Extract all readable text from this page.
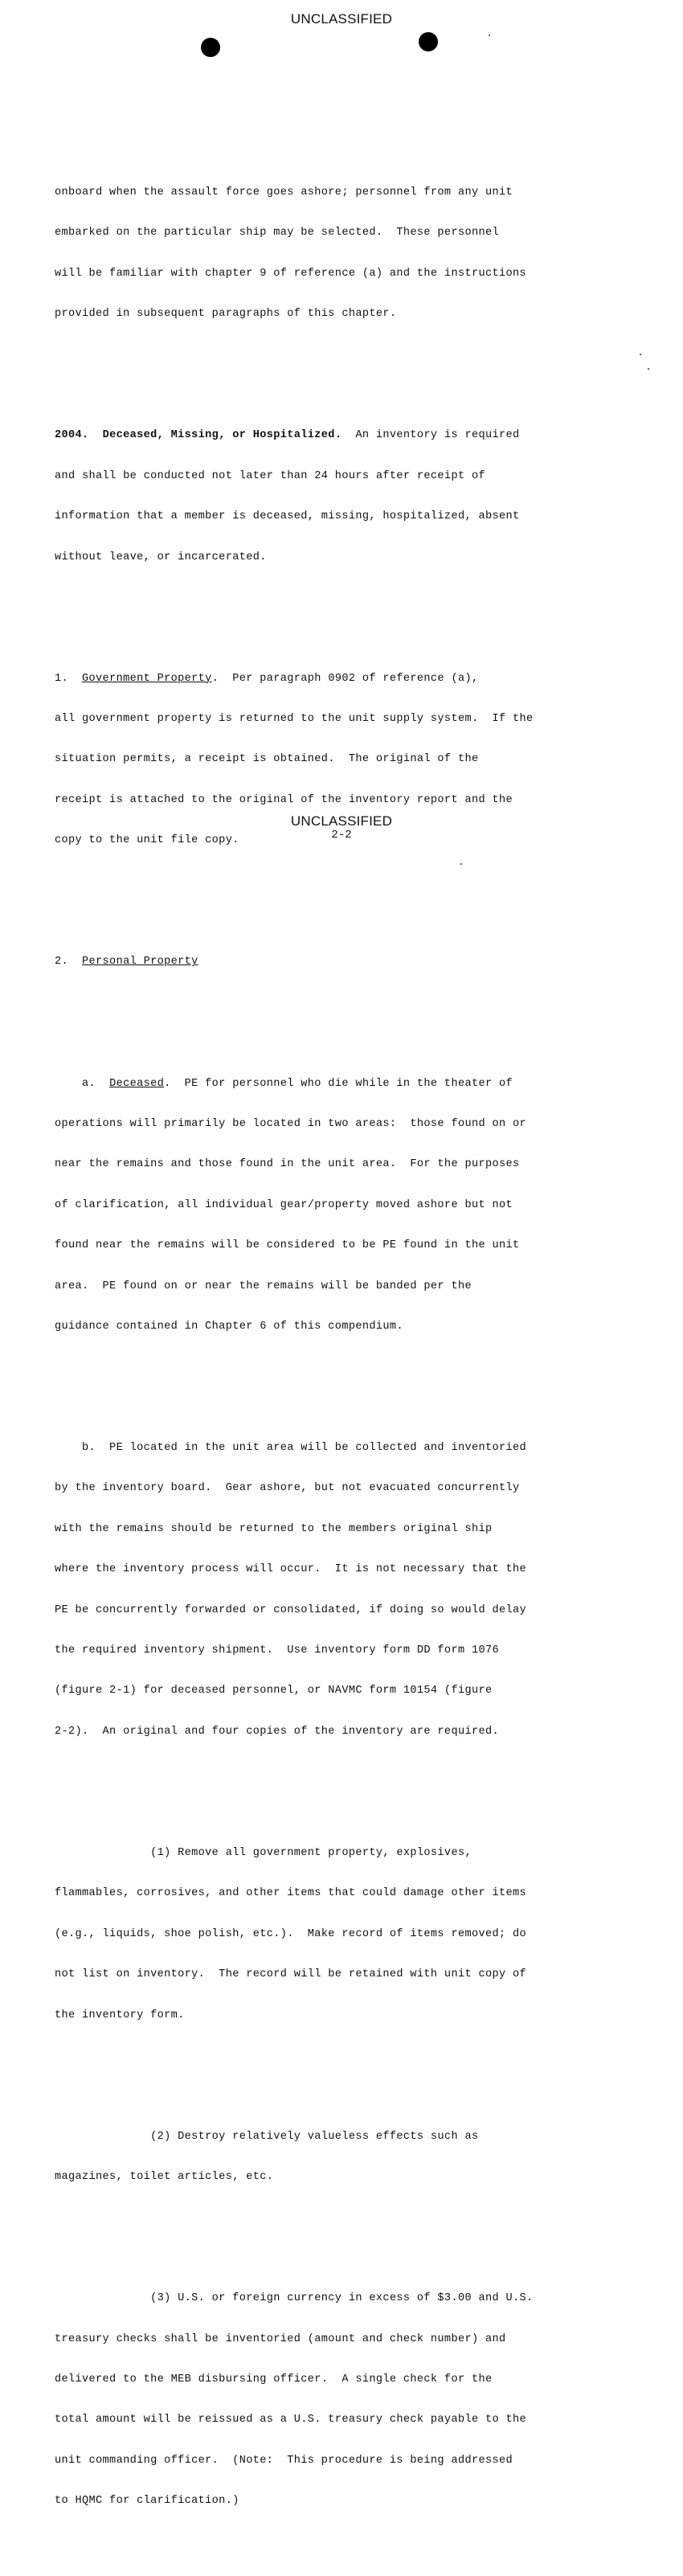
UNCLASSIFIED

onboard when the assault force goes ashore; personnel from any unit

embarked on the particular ship may be selected.  These personnel

will be familiar with chapter 9 of reference (a) and the instructions

provided in subsequent paragraphs of this chapter.

2004. Deceased, Missing, or Hospitalized.  An inventory is required

and shall be conducted not later than 24 hours after receipt of

information that a member is deceased, missing, hospitalized, absent

without leave, or incarcerated.

1.  Government Property.  Per paragraph 0902 of reference (a),

all government property is returned to the unit supply system.  If the

situation permits, a receipt is obtained.  The original of the

receipt is attached to the original of the inventory report and the

copy to the unit file copy.

2.  Personal Property

a.  Deceased.  PE for personnel who die while in the theater of

operations will primarily be located in two areas:  those found on or

near the remains and those found in the unit area.  For the purposes

of clarification, all individual gear/property moved ashore but not

found near the remains will be considered to be PE found in the unit

area.  PE found on or near the remains will be banded per the

guidance contained in Chapter 6 of this compendium.

b.  PE located in the unit area will be collected and inventoried

by the inventory board.  Gear ashore, but not evacuated concurrently

with the remains should be returned to the members original ship

where the inventory process will occur.  It is not necessary that the

PE be concurrently forwarded or consolidated, if doing so would delay

the required inventory shipment.  Use inventory form DD form 1076

(figure 2-1) for deceased personnel, or NAVMC form 10154 (figure

2-2).  An original and four copies of the inventory are required.

(1) Remove all government property, explosives,

flammables, corrosives, and other items that could damage other items

(e.g., liquids, shoe polish, etc.).  Make record of items removed; do

not list on inventory.  The record will be retained with unit copy of

the inventory form.

(2) Destroy relatively valueless effects such as

magazines, toilet articles, etc.

(3) U.S. or foreign currency in excess of $3.00 and U.S.

treasury checks shall be inventoried (amount and check number) and

delivered to the MEB disbursing officer.  A single check for the

total amount will be reissued as a U.S. treasury check payable to the

unit commanding officer.  (Note:  This procedure is being addressed

to HQMC for clarification.)

UNCLASSIFIED
2-2
